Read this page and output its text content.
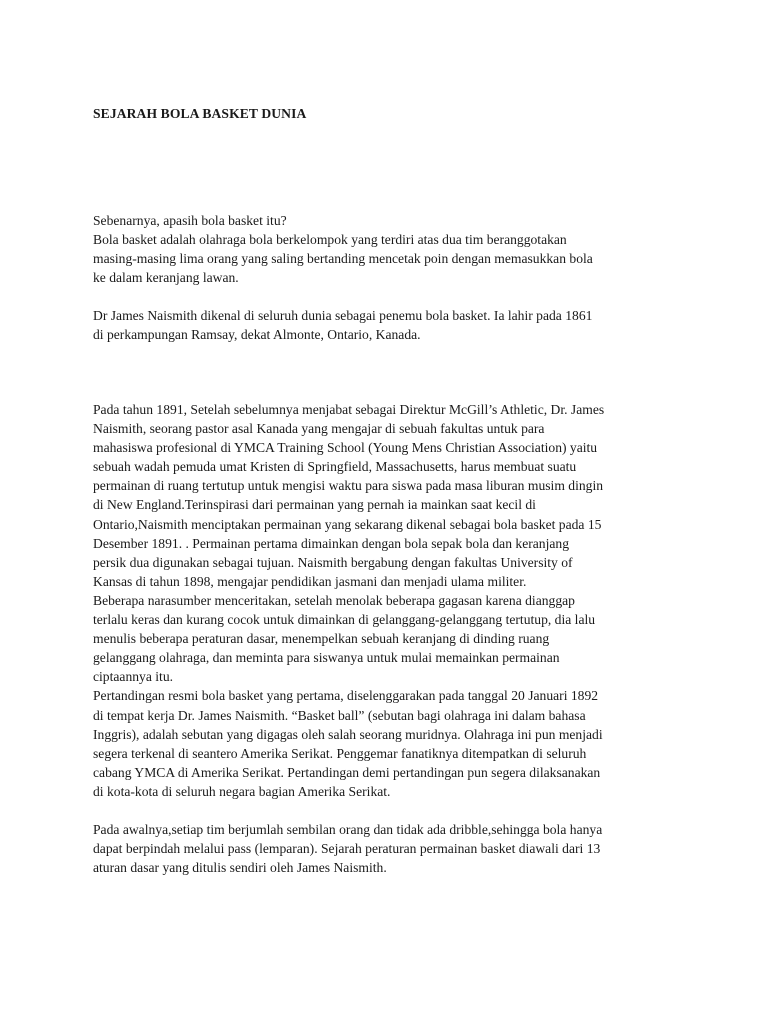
SEJARAH BOLA BASKET DUNIA
Sebenarnya, apasih bola basket itu?
Bola basket adalah olahraga bola berkelompok yang terdiri atas dua tim beranggotakan
masing-masing lima orang yang saling bertanding mencetak poin dengan memasukkan bola
ke dalam keranjang lawan.
Dr James Naismith dikenal di seluruh dunia sebagai penemu bola basket. Ia lahir pada 1861
di perkampungan Ramsay, dekat Almonte, Ontario, Kanada.
Pada tahun 1891, Setelah sebelumnya menjabat sebagai Direktur McGill’s Athletic, Dr. James
Naismith, seorang pastor asal Kanada yang mengajar di sebuah fakultas untuk para
mahasiswa profesional di YMCA Training School (Young Mens Christian Association) yaitu
sebuah wadah pemuda umat Kristen di Springfield, Massachusetts, harus membuat suatu
permainan di ruang tertutup untuk mengisi waktu para siswa pada masa liburan musim dingin
di New England.Terinspirasi dari permainan yang pernah ia mainkan saat kecil di
Ontario,Naismith menciptakan permainan yang sekarang dikenal sebagai bola basket pada 15
Desember 1891. . Permainan pertama dimainkan dengan bola sepak bola dan keranjang
persik dua digunakan sebagai tujuan. Naismith bergabung dengan fakultas University of
Kansas di tahun 1898, mengajar pendidikan jasmani dan menjadi ulama militer.
Beberapa narasumber menceritakan, setelah menolak beberapa gagasan karena dianggap
terlalu keras dan kurang cocok untuk dimainkan di gelanggang-gelanggang tertutup, dia lalu
menulis beberapa peraturan dasar, menempelkan sebuah keranjang di dinding ruang
gelanggang olahraga, dan meminta para siswanya untuk mulai memainkan permainan
ciptaannya itu.
Pertandingan resmi bola basket yang pertama, diselenggarakan pada tanggal 20 Januari 1892
di tempat kerja Dr. James Naismith. “Basket ball” (sebutan bagi olahraga ini dalam bahasa
Inggris), adalah sebutan yang digagas oleh salah seorang muridnya. Olahraga ini pun menjadi
segera terkenal di seantero Amerika Serikat. Penggemar fanatiknya ditempatkan di seluruh
cabang YMCA di Amerika Serikat. Pertandingan demi pertandingan pun segera dilaksanakan
di kota-kota di seluruh negara bagian Amerika Serikat.
Pada awalnya,setiap tim berjumlah sembilan orang dan tidak ada dribble,sehingga bola hanya
dapat berpindah melalui pass (lemparan). Sejarah peraturan permainan basket diawali dari 13
aturan dasar yang ditulis sendiri oleh James Naismith.
